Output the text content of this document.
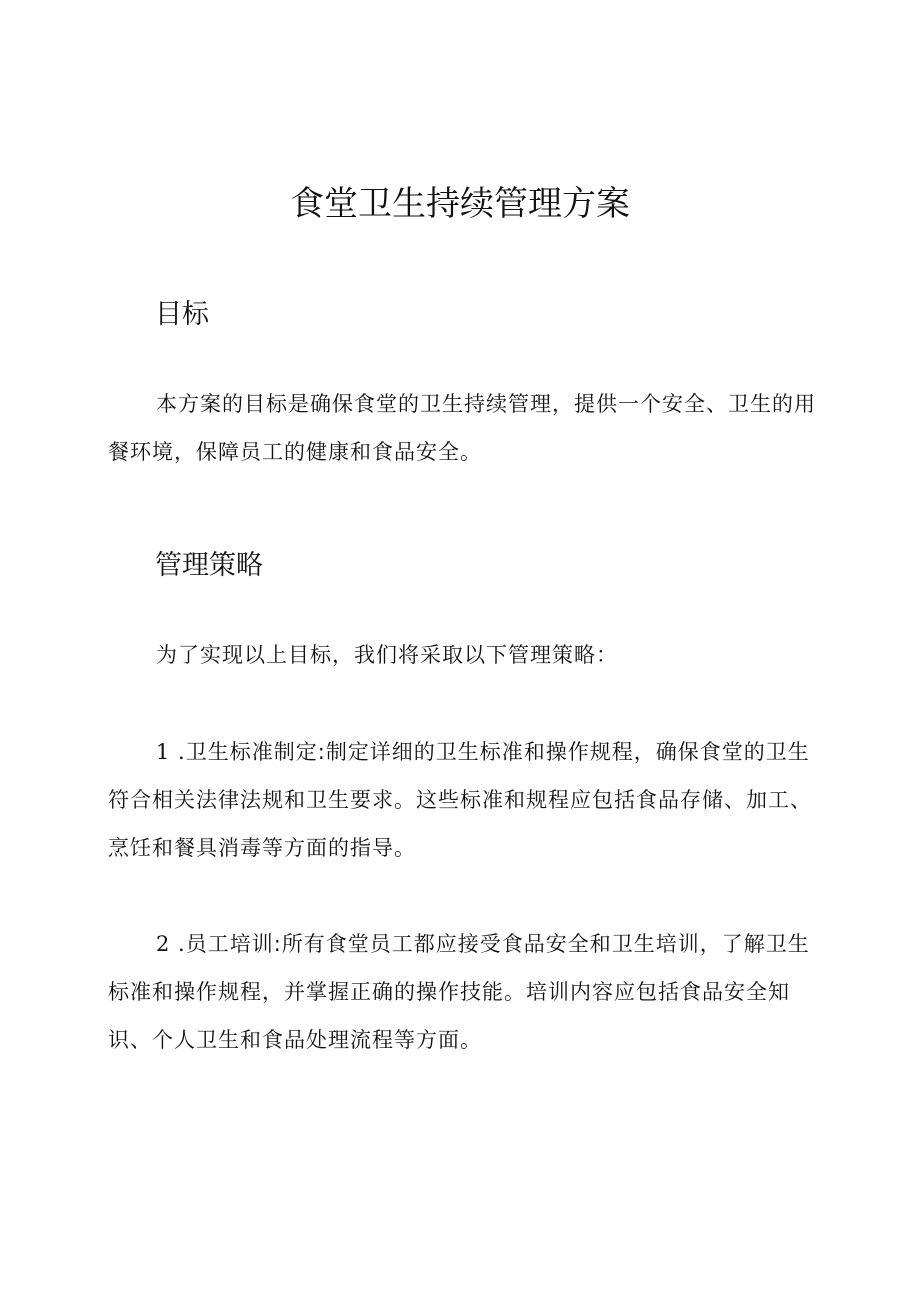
食堂卫生持续管理方案
目标

本方案的目标是确保食堂的卫生持续管理，提供一个安全、卫生的用餐环境，保障员工的健康和食品安全。

管理策略

为了实现以上目标，我们将采取以下管理策略：

1 .卫生标准制定:制定详细的卫生标准和操作规程，确保食堂的卫生符合相关法律法规和卫生要求。这些标准和规程应包括食品存储、加工、烹饪和餐具消毒等方面的指导。

2 .员工培训:所有食堂员工都应接受食品安全和卫生培训，了解卫生标准和操作规程，并掌握正确的操作技能。培训内容应包括食品安全知识、个人卫生和食品处理流程等方面。
